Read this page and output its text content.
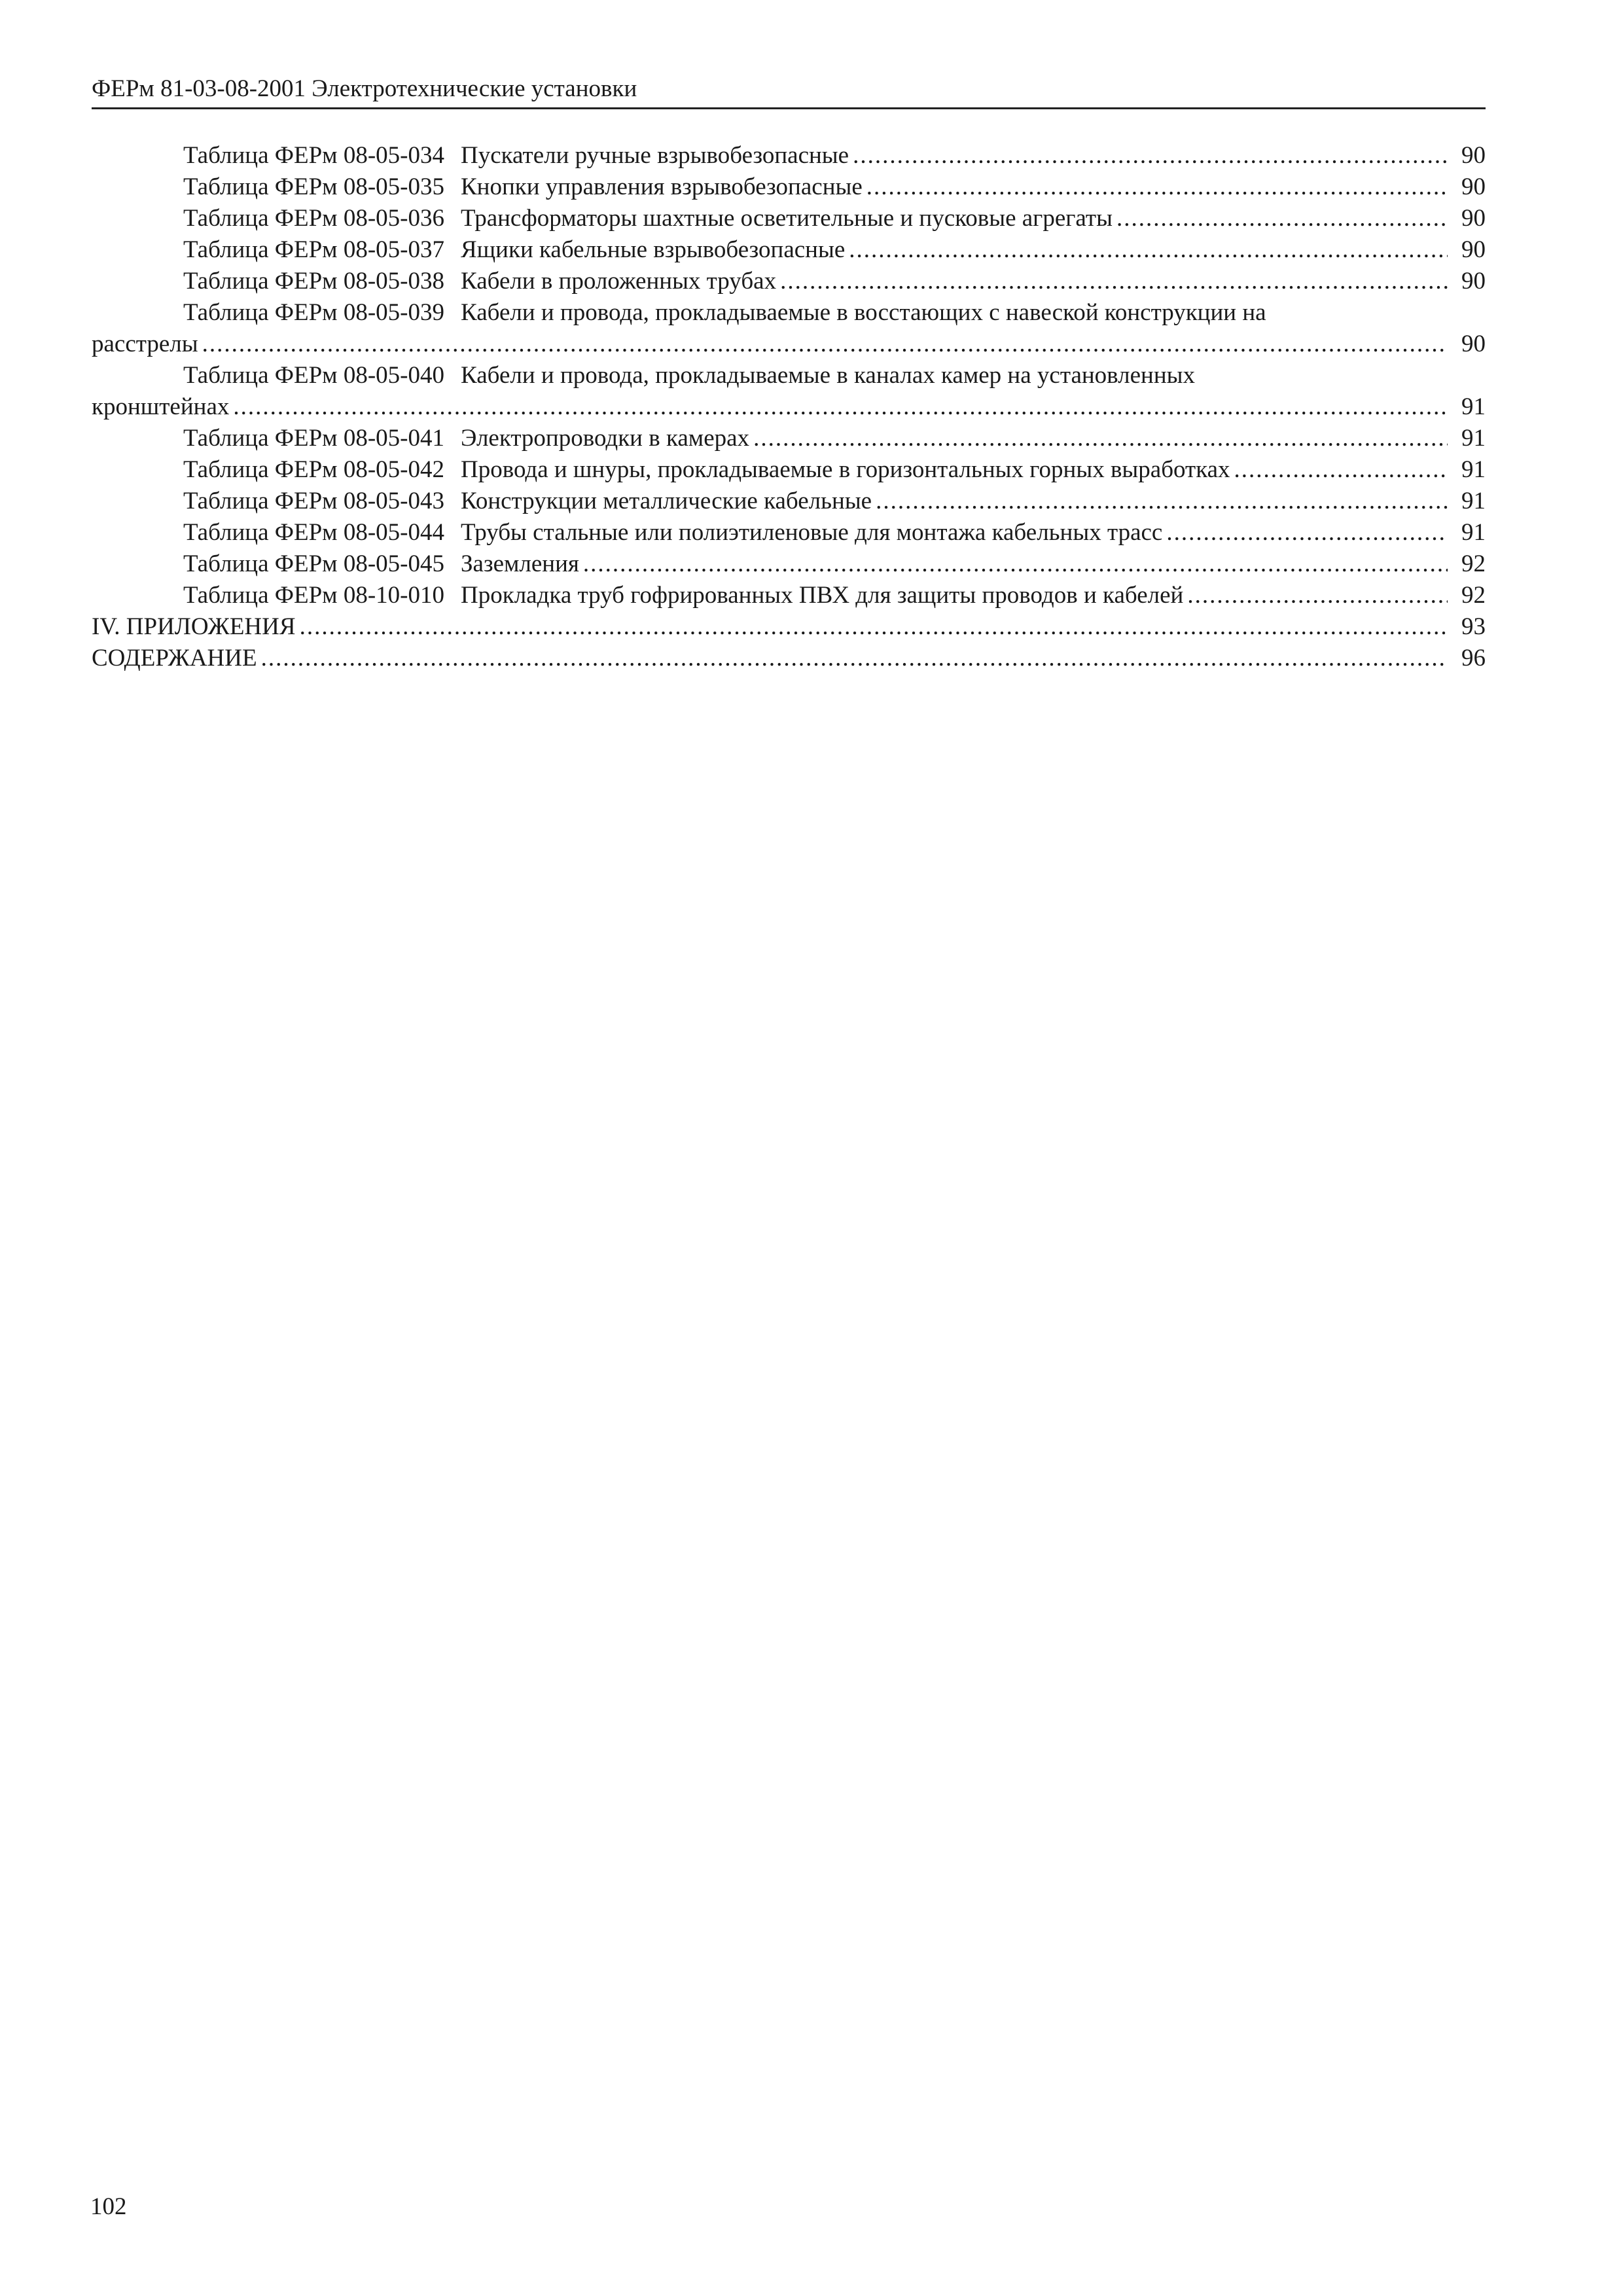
ФЕРм 81-03-08-2001 Электротехнические установки
Таблица ФЕРм 08-05-034 Пускатели ручные взрывобезопасные .....	90
Таблица ФЕРм 08-05-035 Кнопки управления взрывобезопасные .....	90
Таблица ФЕРм 08-05-036 Трансформаторы шахтные осветительные и пусковые агрегаты .....	90
Таблица ФЕРм 08-05-037 Ящики кабельные взрывобезопасные .....	90
Таблица ФЕРм 08-05-038 Кабели в проложенных трубах .....	90
Таблица ФЕРм 08-05-039 Кабели и провода, прокладываемые в восстающих с навеской конструкции на
расстрелы .....	90
Таблица ФЕРм 08-05-040 Кабели и провода, прокладываемые в каналах камер на установленных
кронштейнах .....	91
Таблица ФЕРм 08-05-041 Электропроводки в камерах .....	91
Таблица ФЕРм 08-05-042 Провода и шнуры, прокладываемые в горизонтальных горных выработках .....	91
Таблица ФЕРм 08-05-043 Конструкции металлические кабельные .....	91
Таблица ФЕРм 08-05-044 Трубы стальные или полиэтиленовые для монтажа кабельных трасс .....	91
Таблица ФЕРм 08-05-045 Заземления .....	92
Таблица ФЕРм 08-10-010 Прокладка труб гофрированных ПВХ для защиты проводов и кабелей .....	92
IV. ПРИЛОЖЕНИЯ .....	93
СОДЕРЖАНИЕ .....	96
102
